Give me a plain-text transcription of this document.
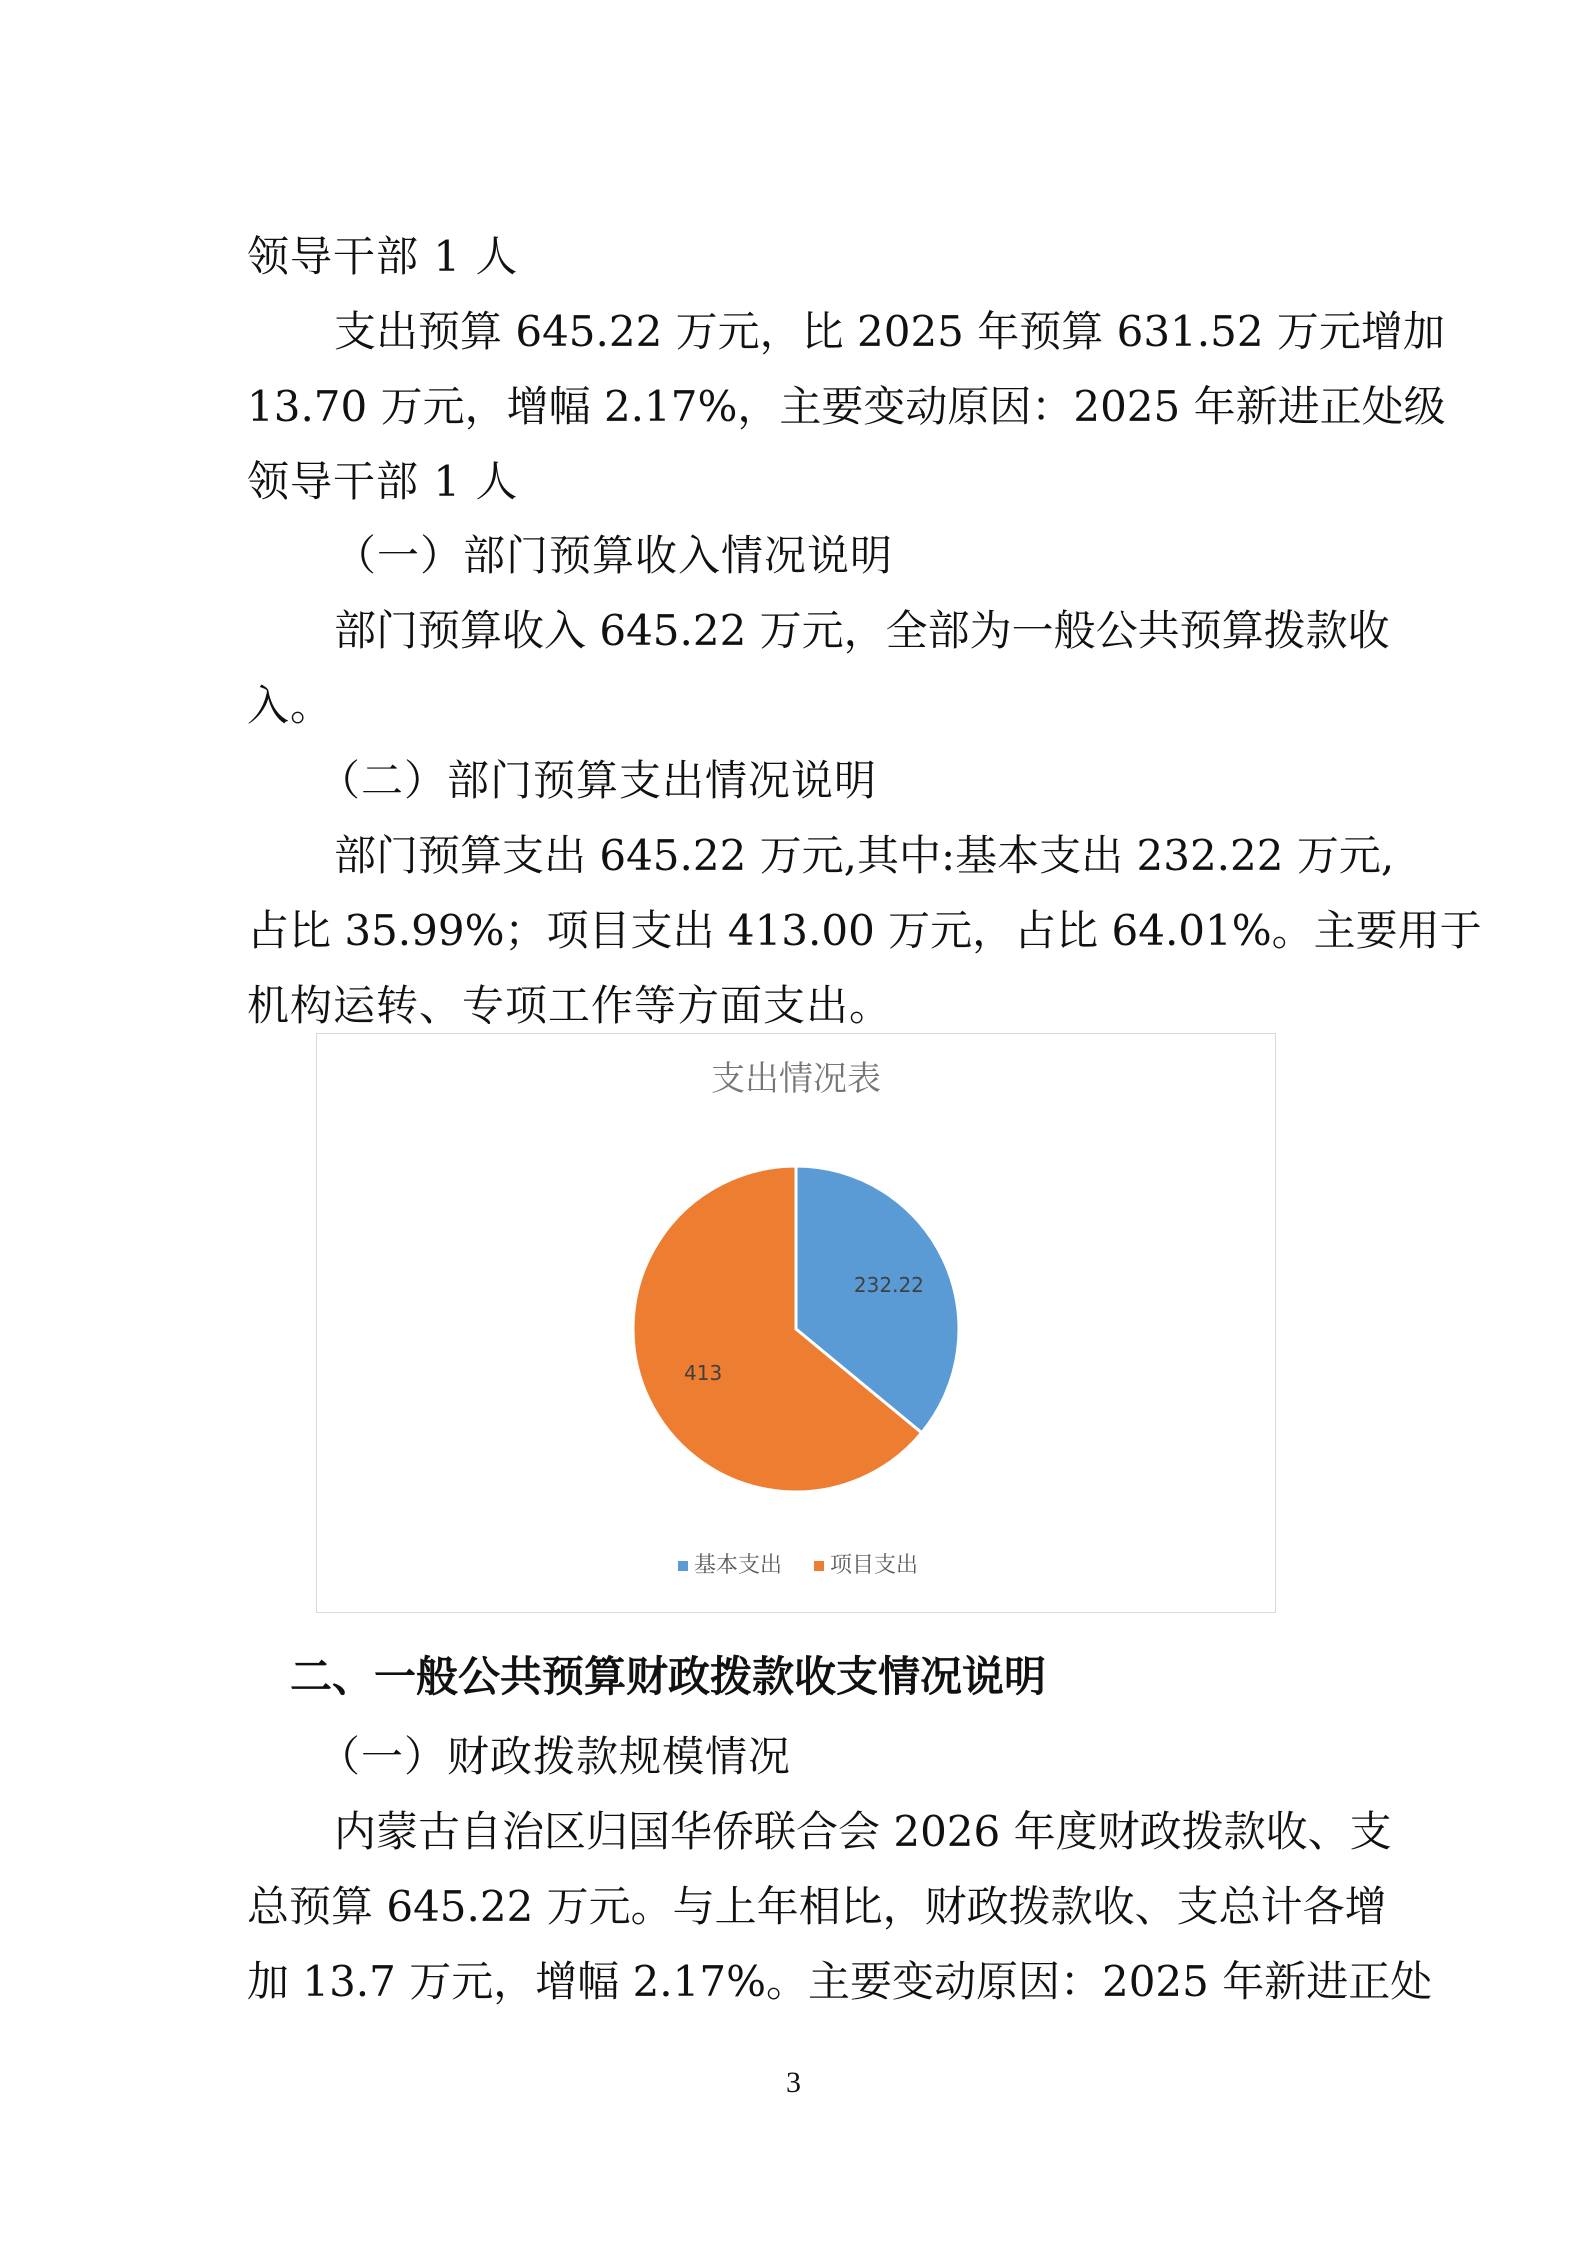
领导干部 1 人
支出预算 645.22 万元，比 2025 年预算 631.52 万元增加
13.70 万元，增幅 2.17%，主要变动原因：2025 年新进正处级
领导干部 1 人
（一）部门预算收入情况说明
部门预算收入 645.22 万元，全部为一般公共预算拨款收
入。
（二）部门预算支出情况说明
部门预算支出 645.22 万元,其中:基本支出 232.22 万元,
占比 35.99%；项目支出 413.00 万元，占比 64.01%。主要用于
机构运转、专项工作等方面支出。
支出情况表
232.22
413
基本支出 项目支出
二、一般公共预算财政拨款收支情况说明
（一）财政拨款规模情况
内蒙古自治区归国华侨联合会 2026 年度财政拨款收、支
总预算 645.22 万元。与上年相比，财政拨款收、支总计各增
加 13.7 万元，增幅 2.17%。主要变动原因：2025 年新进正处
3
